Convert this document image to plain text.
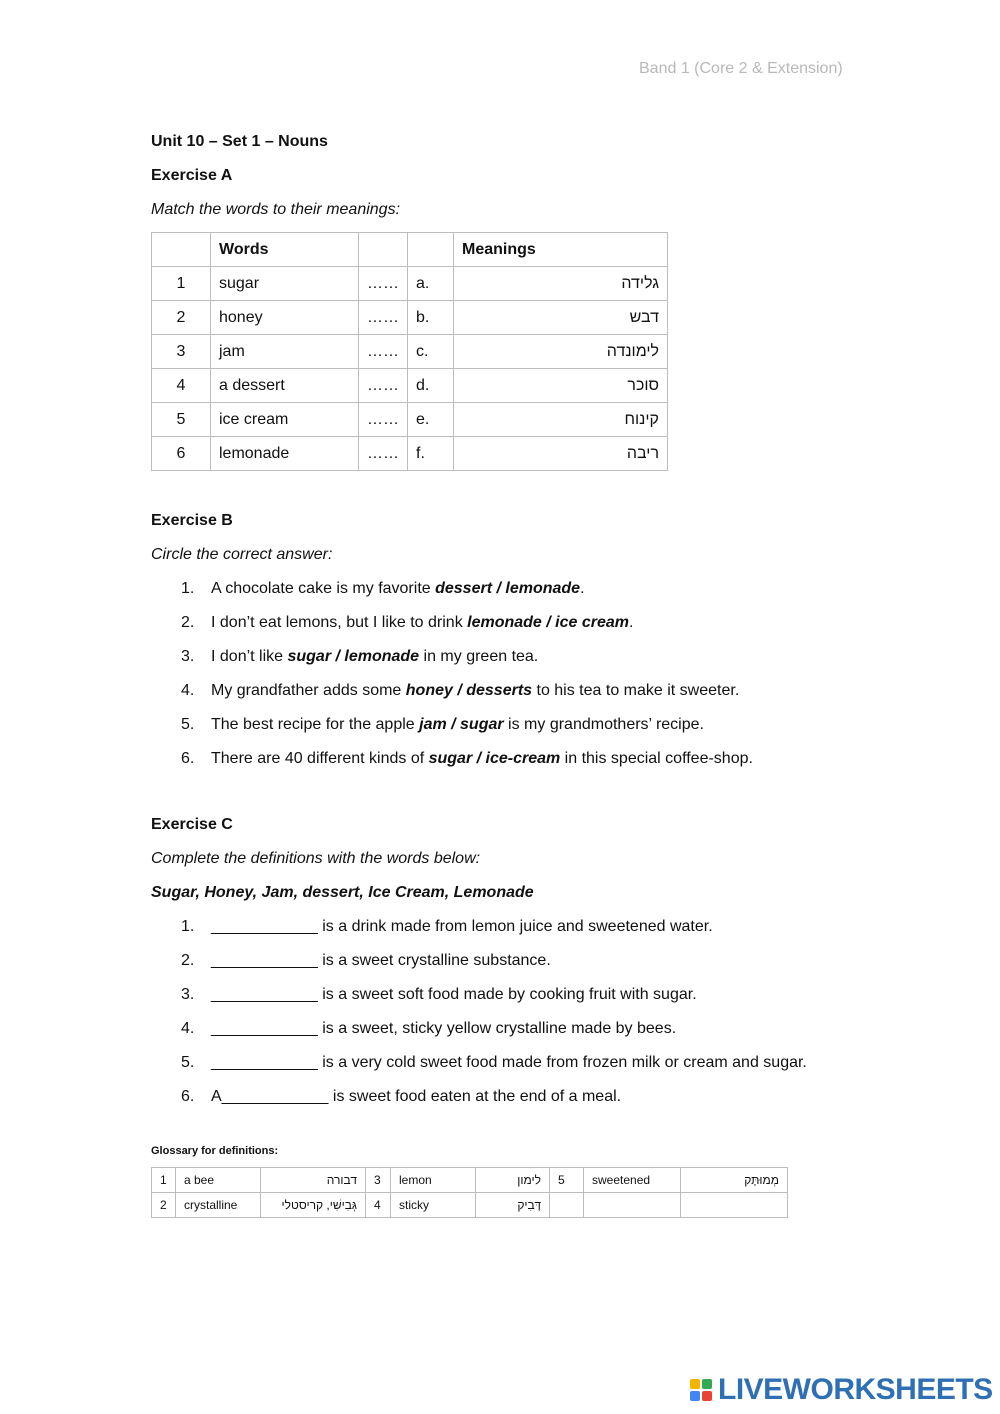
Band 1 (Core 2 & Extension)
Unit 10 – Set 1 – Nouns
Exercise A
Match the words to their meanings:
	Words			Meanings
1	sugar	……	a.	גלידה
2	honey	……	b.	דבש
3	jam	……	c.	לימונדה
4	a dessert	……	d.	סוכר
5	ice cream	……	e.	קינוח
6	lemonade	……	f.	ריבה
Exercise B
Circle the correct answer:
1. A chocolate cake is my favorite dessert / lemonade.
2. I don’t eat lemons, but I like to drink lemonade / ice cream.
3. I don’t like sugar / lemonade in my green tea.
4. My grandfather adds some honey / desserts to his tea to make it sweeter.
5. The best recipe for the apple jam / sugar is my grandmothers’ recipe.
6. There are 40 different kinds of sugar / ice-cream in this special coffee-shop.
Exercise C
Complete the definitions with the words below:
Sugar, Honey, Jam, dessert, Ice Cream, Lemonade
1. ____________ is a drink made from lemon juice and sweetened water.
2. ____________ is a sweet crystalline substance.
3. ____________ is a sweet soft food made by cooking fruit with sugar.
4. ____________ is a sweet, sticky yellow crystalline made by bees.
5. ____________ is a very cold sweet food made from frozen milk or cream and sugar.
6. A____________ is sweet food eaten at the end of a meal.
Glossary for definitions:
1	a bee	דבורה	3	lemon	לימון	5	sweetened	מְמוּתָּק
2	crystalline	גְּבִישִׁי, קריסטלי	4	sticky	דָּבִיק			
LIVEWORKSHEETS
